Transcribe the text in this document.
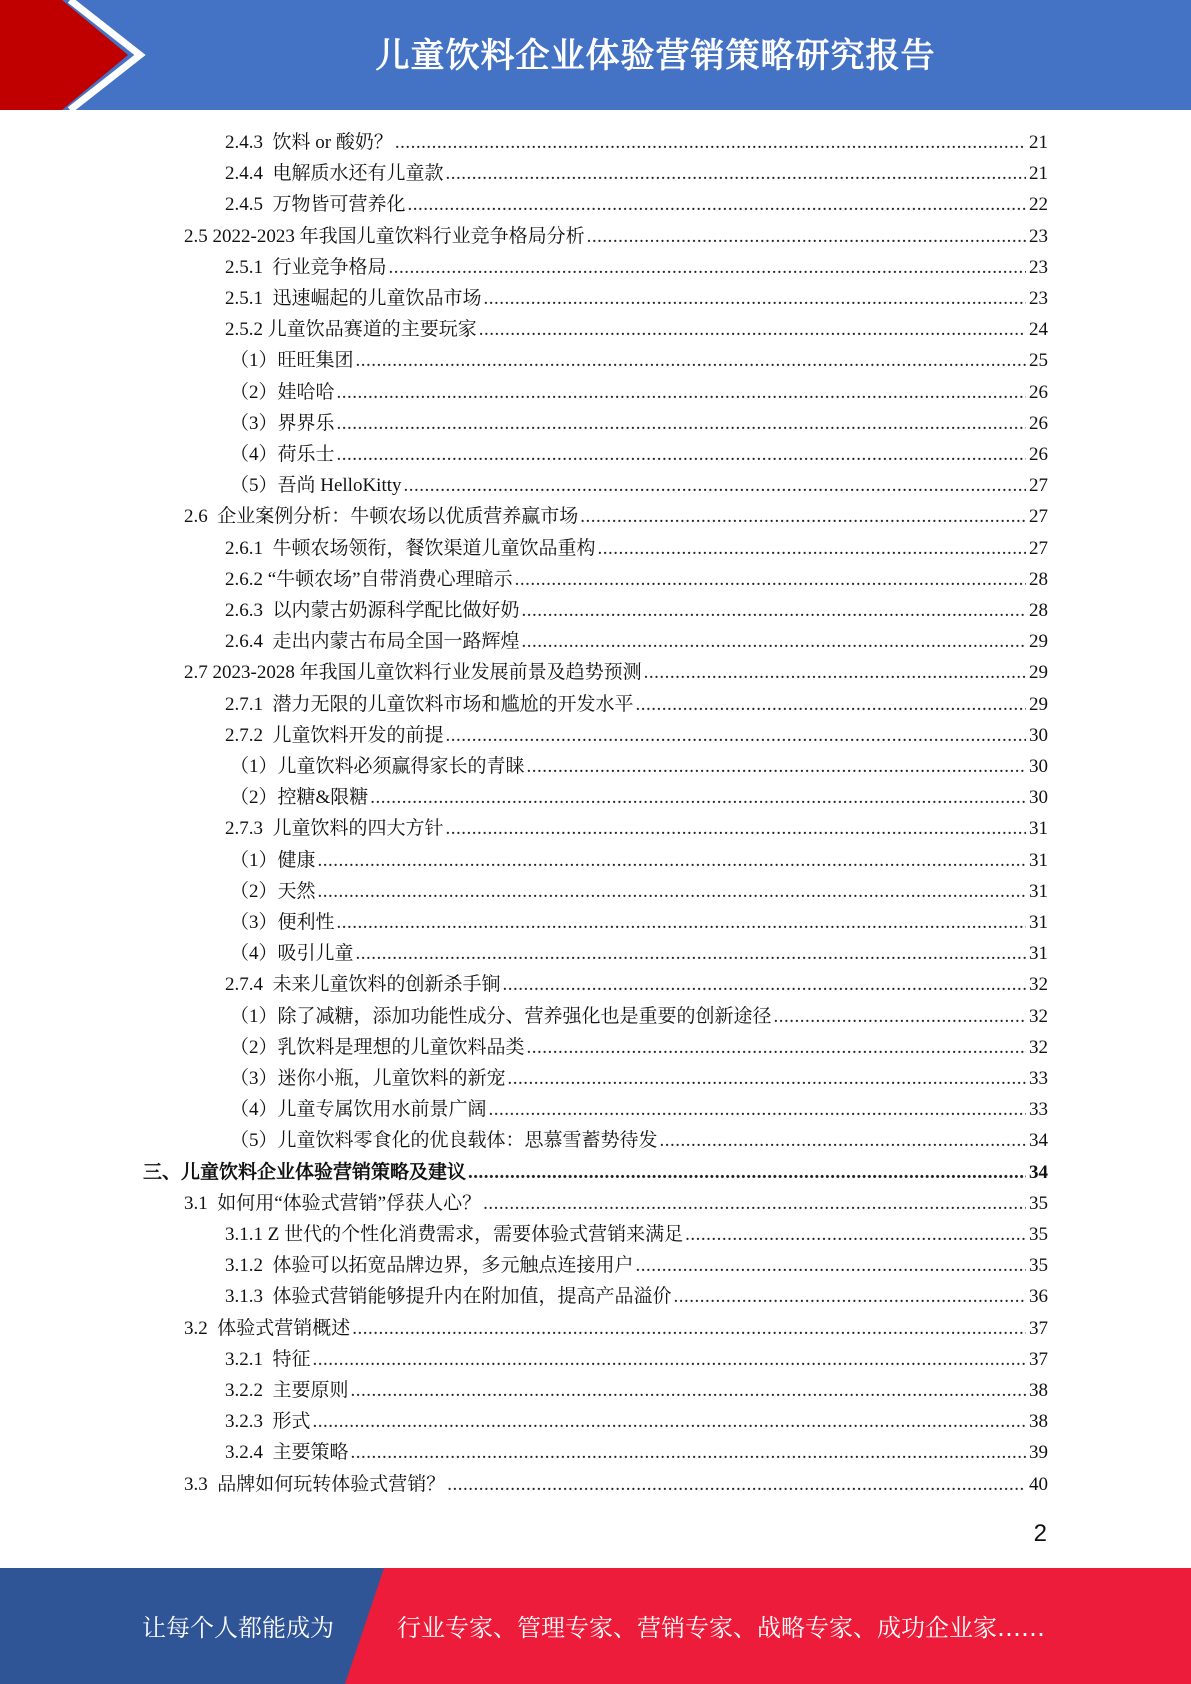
儿童饮料企业体验营销策略研究报告
2.4.3  饮料 or 酸奶？ .....	21
2.4.4  电解质水还有儿童款 .....	21
2.4.5  万物皆可营养化 .....	22
2.5 2022-2023 年我国儿童饮料行业竞争格局分析 .....	23
2.5.1  行业竞争格局 .....	23
2.5.1  迅速崛起的儿童饮品市场 .....	23
2.5.2 儿童饮品赛道的主要玩家 .....	24
（1）旺旺集团 .....	25
（2）娃哈哈 .....	26
（3）界界乐 .....	26
（4）荷乐士 .....	26
（5）吾尚 HelloKitty .....	27
2.6  企业案例分析：牛顿农场以优质营养赢市场 .....	27
2.6.1  牛顿农场领衔，餐饮渠道儿童饮品重构 .....	27
2.6.2 “牛顿农场”自带消费心理暗示 .....	28
2.6.3  以内蒙古奶源科学配比做好奶 .....	28
2.6.4  走出内蒙古布局全国一路辉煌 .....	29
2.7 2023-2028 年我国儿童饮料行业发展前景及趋势预测 .....	29
2.7.1  潜力无限的儿童饮料市场和尴尬的开发水平 .....	29
2.7.2  儿童饮料开发的前提 .....	30
（1）儿童饮料必须赢得家长的青睐 .....	30
（2）控糖&限糖 .....	30
2.7.3  儿童饮料的四大方针 .....	31
（1）健康 .....	31
（2）天然 .....	31
（3）便利性 .....	31
（4）吸引儿童 .....	31
2.7.4  未来儿童饮料的创新杀手锏 .....	32
（1）除了减糖，添加功能性成分、营养强化也是重要的创新途径 .....	32
（2）乳饮料是理想的儿童饮料品类 .....	32
（3）迷你小瓶，儿童饮料的新宠 .....	33
（4）儿童专属饮用水前景广阔 .....	33
（5）儿童饮料零食化的优良载体：思慕雪蓄势待发 .....	34
三、儿童饮料企业体验营销策略及建议 .....	34
3.1  如何用“体验式营销”俘获人心？ .....	35
3.1.1 Z 世代的个性化消费需求，需要体验式营销来满足 .....	35
3.1.2  体验可以拓宽品牌边界，多元触点连接用户 .....	35
3.1.3  体验式营销能够提升内在附加值，提高产品溢价 .....	36
3.2  体验式营销概述 .....	37
3.2.1  特征 .....	37
3.2.2  主要原则 .....	38
3.2.3  形式 .....	38
3.2.4  主要策略 .....	39
3.3  品牌如何玩转体验式营销？ .....	40
2
让每个人都能成为	行业专家、管理专家、营销专家、战略专家、成功企业家……
